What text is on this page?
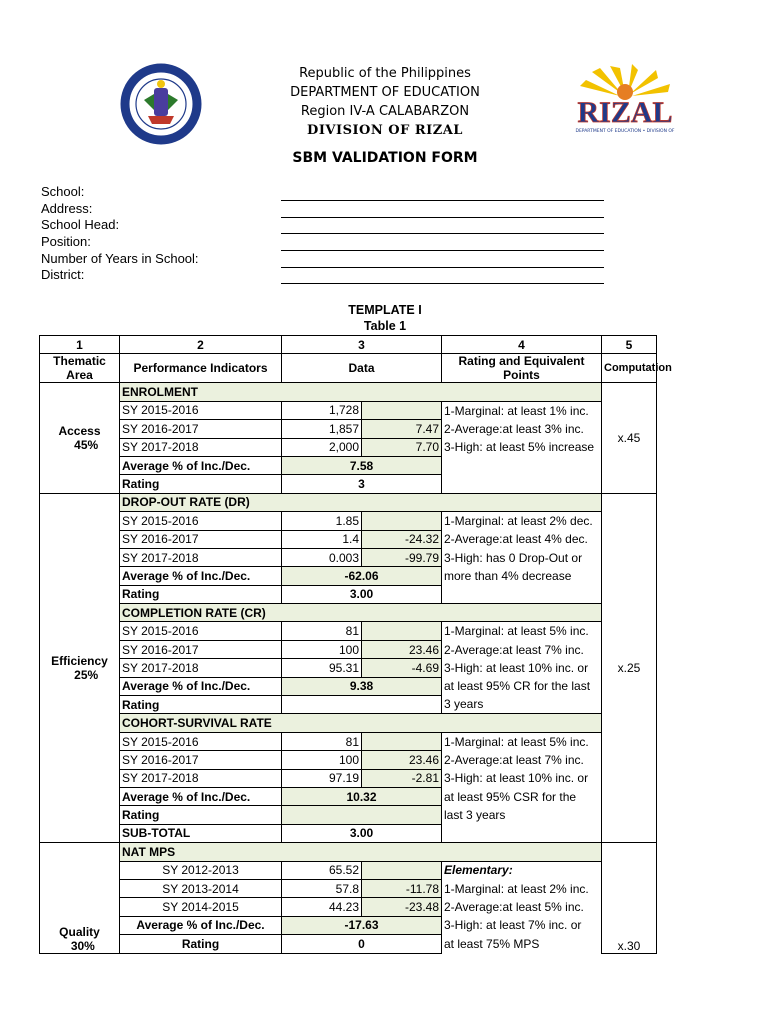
RIZAL
DEPARTMENT OF EDUCATION • DIVISION OF
Republic of the Philippines
DEPARTMENT OF EDUCATION
Region IV-A CALABARZON
DIVISION OF RIZAL
SBM VALIDATION FORM
School:
Address:
School Head:
Position:
Number of Years in School:
District:
TEMPLATE I
Table 1
1	2	3		4	5
Thematic Area	Performance Indicators	Data		Rating and Equivalent Points	Computation
Access
45%	ENROLMENT				x.45
	SY 2015-2016	1,728		1-Marginal: at least 1% inc.	
	SY 2016-2017	1,857	7.47	2-Average:at least 3% inc.	
	SY 2017-2018	2,000	7.70	3-High: at least 5% increase	
	Average % of Inc./Dec.	7.58			
	Rating	3			
Efficiency
25%	DROP-OUT RATE (DR)				x.25
	SY 2015-2016	1.85		1-Marginal: at least 2% dec.	
	SY 2016-2017	1.4	-24.32	2-Average:at least 4% dec.	
	SY 2017-2018	0.003	-99.79	3-High: has 0 Drop-Out or	
	Average % of Inc./Dec.	-62.06		more than 4% decrease	
	Rating	3.00			
	COMPLETION RATE (CR)				
	SY 2015-2016	81		1-Marginal: at least 5% inc.	
	SY 2016-2017	100	23.46	2-Average:at least 7% inc.	
	SY 2017-2018	95.31	-4.69	3-High: at least 10% inc. or	
	Average % of Inc./Dec.	9.38		at least 95% CR for the last	
	Rating			3 years	
	COHORT-SURVIVAL RATE				
	SY 2015-2016	81		1-Marginal: at least 5% inc.	
	SY 2016-2017	100	23.46	2-Average:at least 7% inc.	
	SY 2017-2018	97.19	-2.81	3-High: at least 10% inc. or	
	Average % of Inc./Dec.	10.32		at least 95% CSR for the	
	Rating			last 3 years	
	SUB-TOTAL	3.00			
Quality
30%	NAT MPS				x.30
	SY 2012-2013	65.52		Elementary:	
	SY 2013-2014	57.8	-11.78	1-Marginal: at least 2% inc.	
	SY 2014-2015	44.23	-23.48	2-Average:at least 5% inc.	
	Average % of Inc./Dec.	-17.63		3-High: at least 7% inc. or	
	Rating	0		at least 75% MPS	
